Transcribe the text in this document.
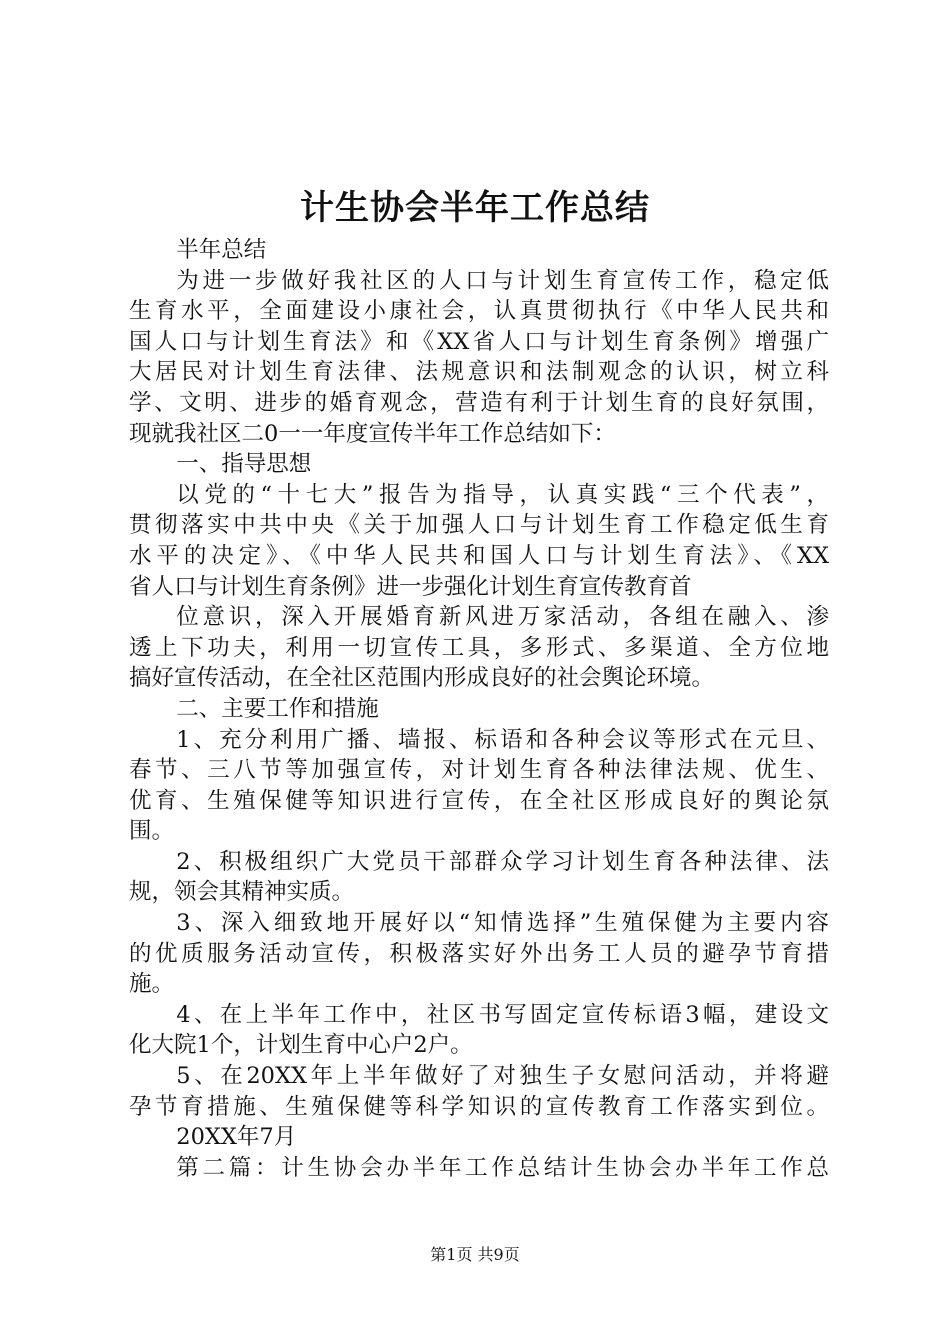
计生协会半年工作总结
半年总结
为进一步做好我社区的人口与计划生育宣传工作，稳定低
生育水平，全面建设小康社会，认真贯彻执行《中华人民共和
国人口与计划生育法》和《XX省人口与计划生育条例》增强广
大居民对计划生育法律、法规意识和法制观念的认识，树立科
学、文明、进步的婚育观念，营造有利于计划生育的良好氛围，
现就我社区二0一一年度宣传半年工作总结如下：
一、指导思想
以党的“十七大”报告为指导，认真实践“三个代表”，
贯彻落实中共中央《关于加强人口与计划生育工作稳定低生育
水平的决定》、《中华人民共和国人口与计划生育法》、《XX
省人口与计划生育条例》进一步强化计划生育宣传教育首
位意识，深入开展婚育新风进万家活动，各组在融入、渗
透上下功夫，利用一切宣传工具，多形式、多渠道、全方位地
搞好宣传活动，在全社区范围内形成良好的社会舆论环境。
二、主要工作和措施
1、充分利用广播、墙报、标语和各种会议等形式在元旦、
春节、三八节等加强宣传，对计划生育各种法律法规、优生、
优育、生殖保健等知识进行宣传，在全社区形成良好的舆论氛
围。
2、积极组织广大党员干部群众学习计划生育各种法律、法
规，领会其精神实质。
3、深入细致地开展好以“知情选择”生殖保健为主要内容
的优质服务活动宣传，积极落实好外出务工人员的避孕节育措
施。
4、在上半年工作中，社区书写固定宣传标语3幅，建设文
化大院1个，计划生育中心户2户。
5、在20XX年上半年做好了对独生子女慰问活动，并将避
孕节育措施、生殖保健等科学知识的宣传教育工作落实到位。
20XX年7月
第二篇：计生协会办半年工作总结计生协会办半年工作总
第1页 共9页
